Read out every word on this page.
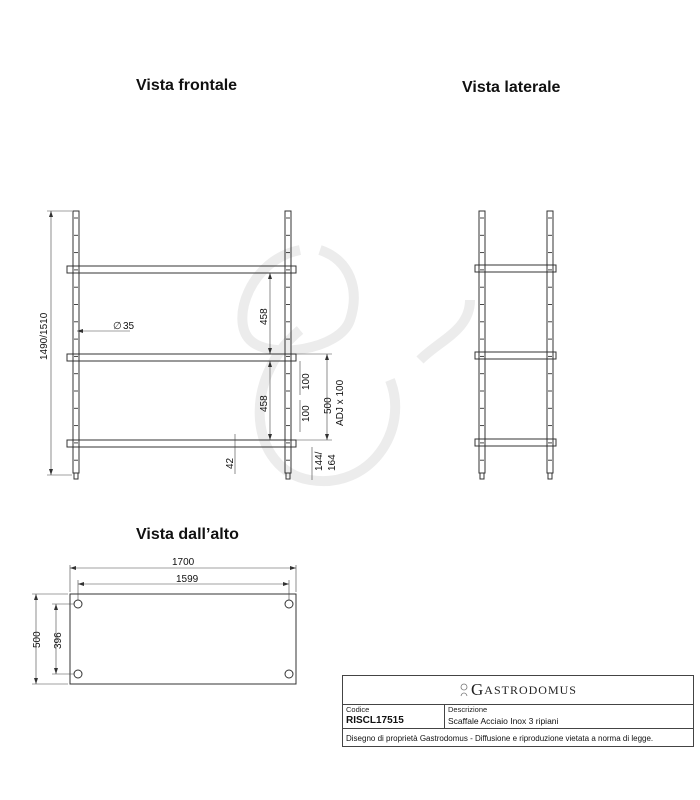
Vista frontale	Vista laterale
Vista dall’alto
1490/1510	∅ 35
458
458
100
100 500 ADJ x 100
42	144/ 164
1700
1599
500 396
G ASTRODOMUS
Codice
RISCL17515
Descrizione
Scaffale Acciaio Inox 3 ripiani
Disegno di proprietà Gastrodomus - Diffusione e riproduzione vietata a norma di legge.
